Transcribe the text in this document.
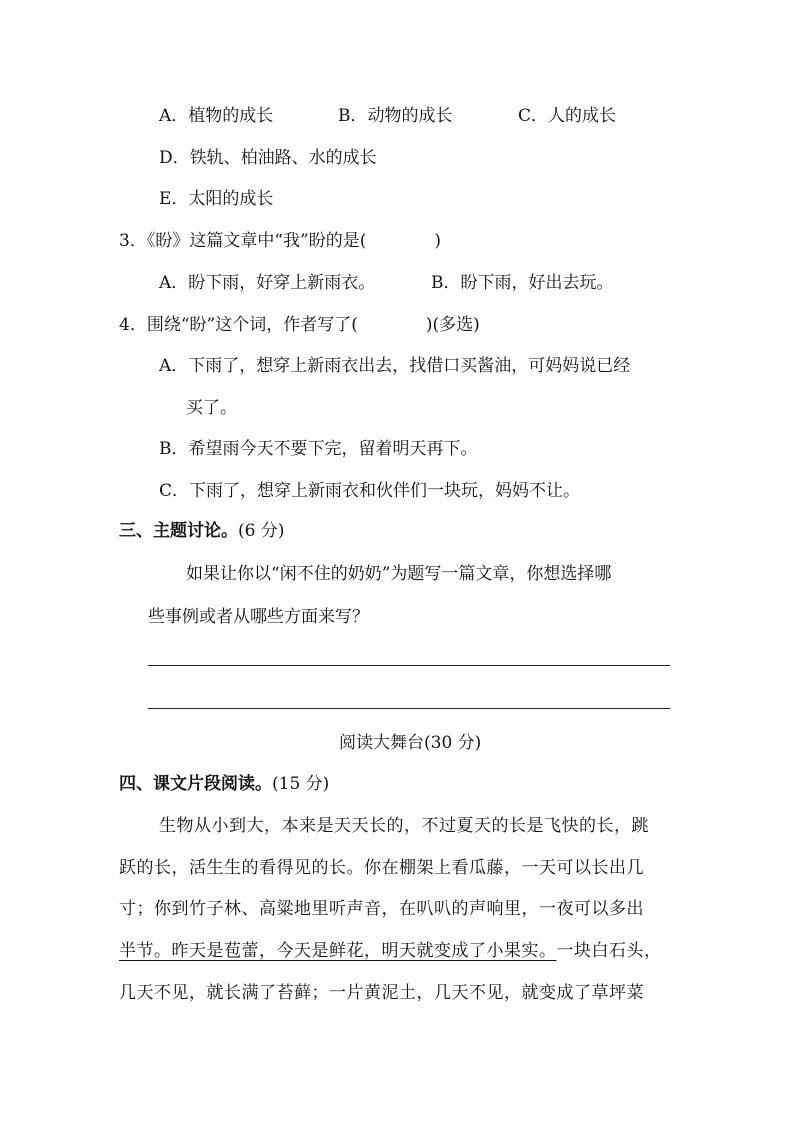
A．植物的成长	B．动物的成长	C．人的成长
D．铁轨、柏油路、水的成长
E．太阳的成长
3．《盼》这篇文章中“我”盼的是(　　　　)
A．盼下雨，好穿上新雨衣。	B．盼下雨，好出去玩。
4．围绕“盼”这个词，作者写了(　　　　)(多选)
A．下雨了，想穿上新雨衣出去，找借口买酱油，可妈妈说已经
买了。
B．希望雨今天不要下完，留着明天再下。
C．下雨了，想穿上新雨衣和伙伴们一块玩，妈妈不让。
三、主题讨论。(6 分)
如果让你以“闲不住的奶奶”为题写一篇文章，你想选择哪
些事例或者从哪些方面来写？
阅读大舞台(30 分)
四、课文片段阅读。(15 分)
生物从小到大，本来是天天长的，不过夏天的长是飞快的长，跳
跃的长，活生生的看得见的长。你在棚架上看瓜藤，一天可以长出几
寸；你到竹子林、高粱地里听声音，在叭叭的声响里，一夜可以多出
半节。昨天是苞蕾，今天是鲜花，明天就变成了小果实。一块白石头，
几天不见，就长满了苔藓；一片黄泥土，几天不见，就变成了草坪菜
